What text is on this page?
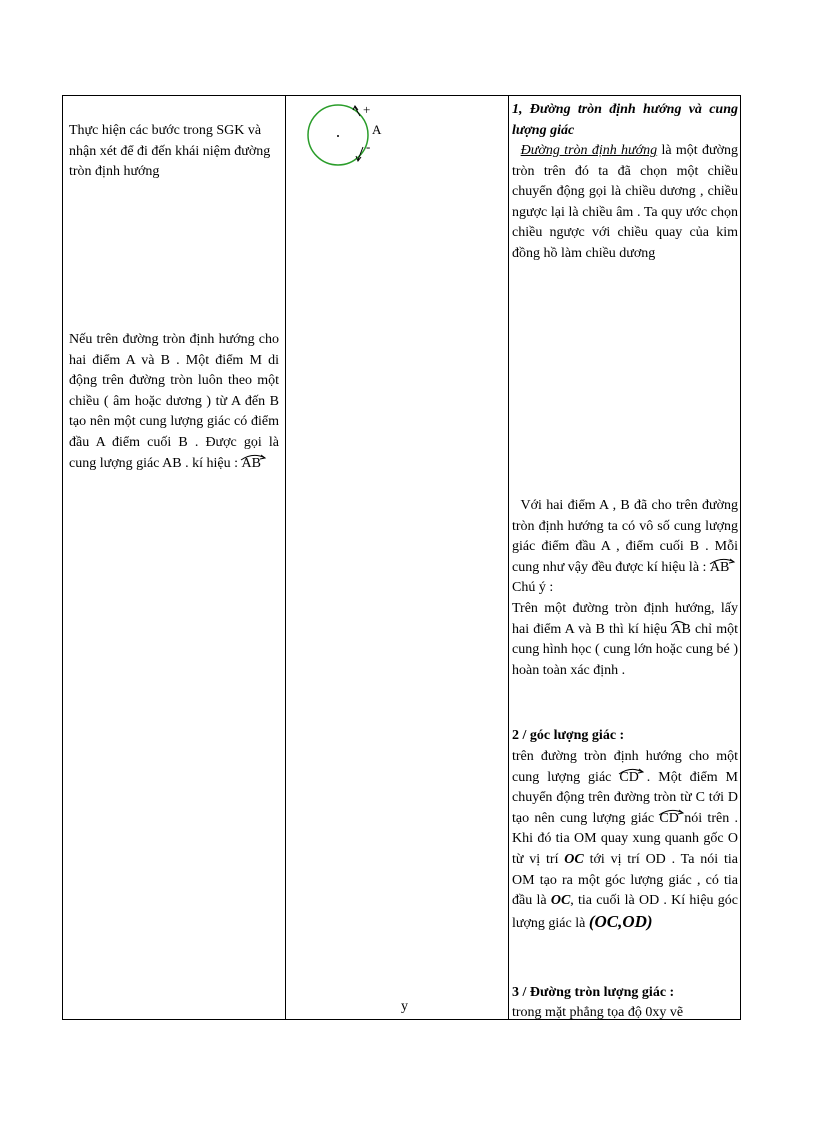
Thực hiện các bước trong SGK và nhận xét để đi đến khái niệm đường tròn định hướng
Nếu trên đường tròn định hướng cho hai điểm A và B . Một điểm M di động trên đường tròn luôn theo một chiều ( âm hoặc dương ) từ A đến B tạo nên một cung lượng giác có điểm đầu A điểm cuối B . Được gọi là cung lượng giác AB . kí hiệu : AB
+
A
-
y
1, Đường tròn định hướng và cung lượng giác
Đường tròn định hướng là một đường tròn trên đó ta đã chọn một chiều chuyển động gọi là chiều dương , chiều ngược lại là chiều âm . Ta quy ước chọn chiều ngược với chiều quay của kim đồng hồ làm chiều dương
Với hai điểm A , B đã cho trên đường tròn định hướng ta có vô số cung lượng giác điểm đầu A , điểm cuối B . Mỗi cung như vậy đều được kí hiệu là : AB

Chú ý :
Trên một đường tròn định hướng, lấy hai điểm A và B thì kí hiệu AB chỉ một cung hình học ( cung lớn hoặc cung bé ) hoàn toàn xác định .
2 / góc lượng giác :
trên đường tròn định hướng cho một cung lượng giác CD . Một điểm M chuyển động trên đường tròn từ C tới D tạo nên cung lượng giác CD nói trên . Khi đó tia OM quay xung quanh gốc O từ vị trí OC tới vị trí OD . Ta nói tia OM tạo ra một góc lượng giác , có tia đầu là OC, tia cuối là OD . Kí hiệu góc lượng giác là (OC,OD)
3 / Đường tròn lượng giác :
trong mặt phẳng tọa độ 0xy vẽ
